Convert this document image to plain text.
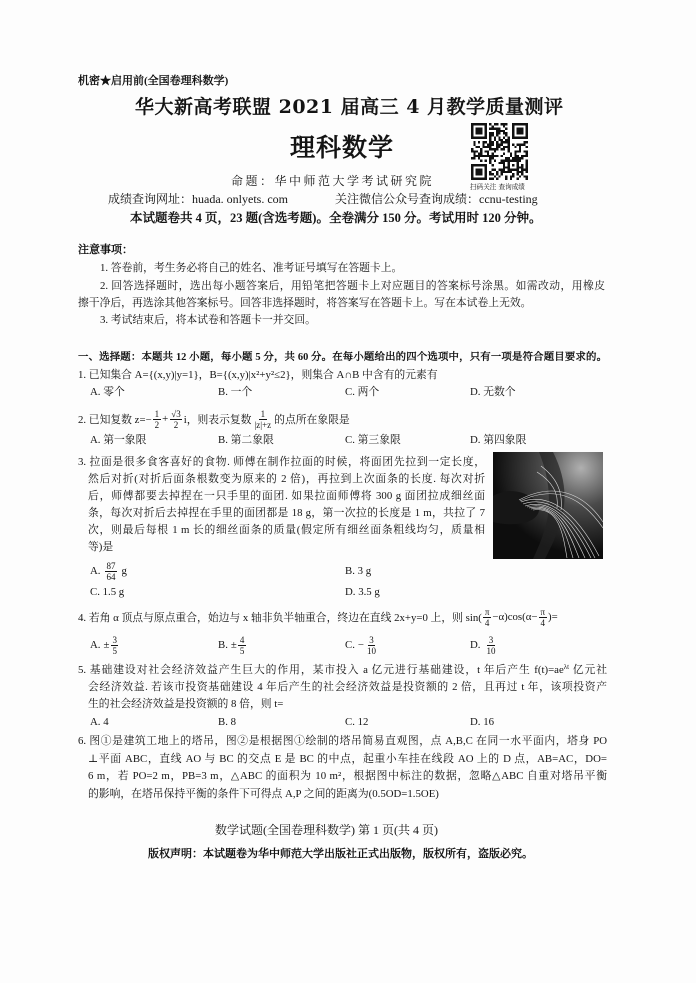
机密★启用前(全国卷理科数学)
华大新高考联盟 2021 届高三 4 月教学质量测评
理科数学
扫码关注 查询成绩
命题：华中师范大学考试研究院
成绩查询网址：huada. onlyets. com	关注微信公众号查询成绩：ccnu-testing
本试题卷共 4 页，23 题(含选考题)。全卷满分 150 分。考试用时 120 分钟。
注意事项：
1. 答卷前，考生务必将自己的姓名、准考证号填写在答题卡上。
2. 回答选择题时，选出每小题答案后，用铅笔把答题卡上对应题目的答案标号涂黑。如需改动，用橡皮
擦干净后，再选涂其他答案标号。回答非选择题时，将答案写在答题卡上。写在本试卷上无效。
3. 考试结束后，将本试卷和答题卡一并交回。
一、选择题：本题共 12 小题，每小题 5 分，共 60 分。在每小题给出的四个选项中，只有一项是符合题目要求的。
1. 已知集合 A={(x,y)|y=1}，B={(x,y)|x²+y²≤2}，则集合 A∩B 中含有的元素有
A. 零个	B. 一个	C. 两个	D. 无数个
2. 已知复数 $z=- \frac{1}{2} + \frac{√3}{2}$ i，则表示复数 $\frac{1}{|z|+z}$ 的点所在象限是
A. 第一象限	B. 第二象限	C. 第三象限	D. 第四象限
3. 拉面是很多食客喜好的食物. 师傅在制作拉面的时候，将面团先拉到一定长度，
然后对折(对折后面条根数变为原来的 2 倍)，再拉到上次面条的长度. 每次对折
后，师傅都要去掉捏在一只手里的面团. 如果拉面师傅将 300 g 面团拉成细丝面
条，每次对折后去掉捏在手里的面团都是 18 g，第一次拉的长度是 1 m，共拉了 7
次，则最后每根 1 m 长的细丝面条的质量(假定所有细丝面条粗线均匀，质量相
等)是
A. $\frac{87}{64}$ g	B. 3 g
C. 1.5 g	D. 3.5 g
4. 若角 α 顶点与原点重合，始边与 x 轴非负半轴重合，终边在直线 2x+y=0 上，则 $\sin( \frac{\pi}{4} -\alpha)\cos(\alpha- \frac{\pi}{4}$ )=
A. ± $\frac{3}{5}$	B. ± $\frac{4}{5}$	C. − $\frac{3}{10}$	D. $\frac{3}{10}$
5. 基础建设对社会经济效益产生巨大的作用，某市投入 a 亿元进行基础建设，t 年后产生 $f(t)=ae^{\lambda t}$ 亿元社
会经济效益. 若该市投资基础建设 4 年后产生的社会经济效益是投资额的 2 倍，且再过 t 年，该项投资产
生的社会经济效益是投资额的 8 倍，则 t=
A. 4	B. 8	C. 12	D. 16
6. 图①是建筑工地上的塔吊，图②是根据图①绘制的塔吊简易直观图，点 A,B,C 在同一水平面内，塔身 PO
⊥平面 ABC，直线 AO 与 BC 的交点 E 是 BC 的中点，起重小车挂在线段 AO 上的 D 点，AB=AC，DO=
6 m，若 PO=2 m，PB=3 m，△ABC 的面积为 10 m²，根据图中标注的数据，忽略△ABC 自重对塔吊平衡
的影响，在塔吊保持平衡的条件下可得点 A,P 之间的距离为(0.5OD=1.5OE)
数学试题(全国卷理科数学) 第 1 页(共 4 页)
版权声明：本试题卷为华中师范大学出版社正式出版物，版权所有，盗版必究。
